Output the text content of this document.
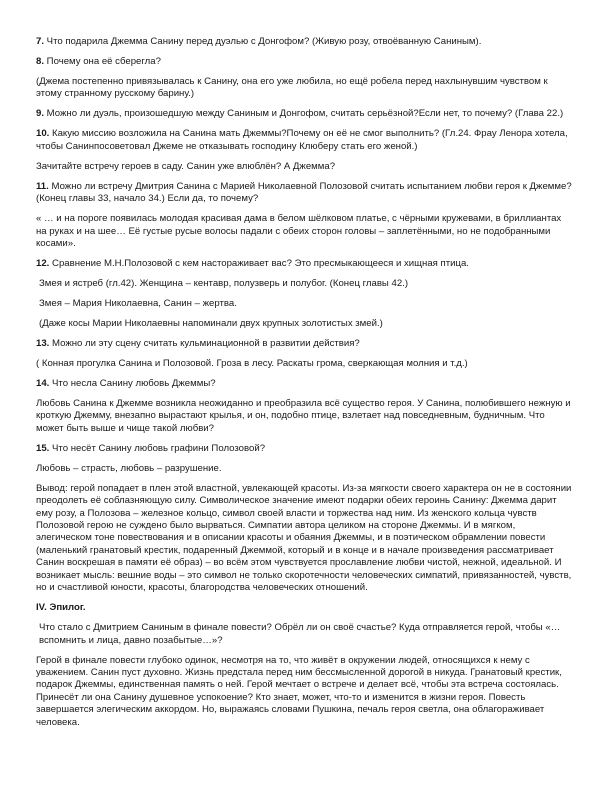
7. Что подарила Джемма Санину перед дуэлью с Донгофом? (Живую розу, отвоёванную Саниным).

8. Почему она её сберегла?

(Джема постепенно привязывалась к Санину, она его уже любила, но ещё робела перед нахлынувшим чувством к этому странному русскому барину.)

9. Можно ли дуэль, произошедшую между Саниным и Донгофом, считать серьёзной?Если нет, то почему? (Глава 22.)

10. Какую миссию возложила на Санина мать Джеммы?Почему он её не смог выполнить? (Гл.24. Фрау Ленора хотела, чтобы Санинпосоветовал Джеме не отказывать господину Клюберу стать его женой.)

Зачитайте встречу героев в саду. Санин уже влюблён? А Джемма?

11. Можно ли встречу Дмитрия Санина с Марией Николаевной Полозовой считать испытанием любви героя к Джемме? (Конец главы 33, начало 34.) Если да, то почему?

« … и на пороге появилась молодая красивая дама в белом шёлковом платье, с чёрными кружевами, в бриллиантах на руках и на шее… Её густые русые волосы падали с обеих сторон головы – заплетёнными, но не подобранными косами».

12. Сравнение М.Н.Полозовой с кем настораживает вас? Это пресмыкающееся и хищная птица.

Змея и ястреб (гл.42). Женщина – кентавр, полузверь и полубог. (Конец главы 42.)

Змея – Мария Николаевна, Санин – жертва.

(Даже косы Марии Николаевны напоминали двух крупных золотистых змей.)

13. Можно ли эту сцену считать кульминационной в развитии действия?

( Конная прогулка Санина и Полозовой. Гроза в лесу. Раскаты грома, сверкающая молния и т.д.)

14. Что несла Санину любовь Джеммы?

Любовь Санина к Джемме возникла неожиданно и преобразила всё существо героя. У Санина, полюбившего нежную и кроткую Джемму, внезапно вырастают крылья, и он, подобно птице, взлетает над повседневным, будничным. Что может быть выше и чище такой любви?

15. Что несёт Санину любовь графини Полозовой?

Любовь – страсть, любовь – разрушение.

Вывод: герой попадает в плен этой властной, увлекающей красоты. Из-за мягкости своего характера он не в состоянии преодолеть её соблазняющую силу. Символическое значение имеют подарки обеих героинь Санину: Джемма дарит ему розу, а Полозова – железное кольцо, символ своей власти и торжества над ним. Из женского кольца чувств Полозовой герою не суждено было вырваться. Симпатии автора целиком на стороне Джеммы. И в мягком, элегическом тоне повествования и в описании красоты и обаяния Джеммы, и в поэтическом обрамлении повести (маленький гранатовый крестик, подаренный Джеммой, который и в конце и в начале произведения рассматривает Санин воскрешая в памяти её образ) – во всём этом чувствуется прославление любви чистой, нежной, идеальной. И возникает мысль: вешние воды – это символ не только скоротечности человеческих симпатий, привязанностей, чувств, но и счастливой юности, красоты, благородства человеческих отношений.

IV. Эпилог.

Что стало с Дмитрием Саниным в финале повести? Обрёл ли он своё счастье? Куда отправляется герой, чтобы «… вспомнить и лица, давно позабытые…»?

Герой в финале повести глубоко одинок, несмотря на то, что живёт в окружении людей, относящихся к нему с уважением. Санин пуст духовно. Жизнь предстала перед ним бессмысленной дорогой в никуда. Гранатовый крестик, подарок Джеммы, единственная память о ней. Герой мечтает о встрече и делает всё, чтобы эта встреча состоялась. Принесёт ли она Санину душевное успокоение? Кто знает, может, что-то и изменится в жизни героя. Повесть завершается элегическим аккордом. Но, выражаясь словами Пушкина, печаль героя светла, она облагораживает человека.
